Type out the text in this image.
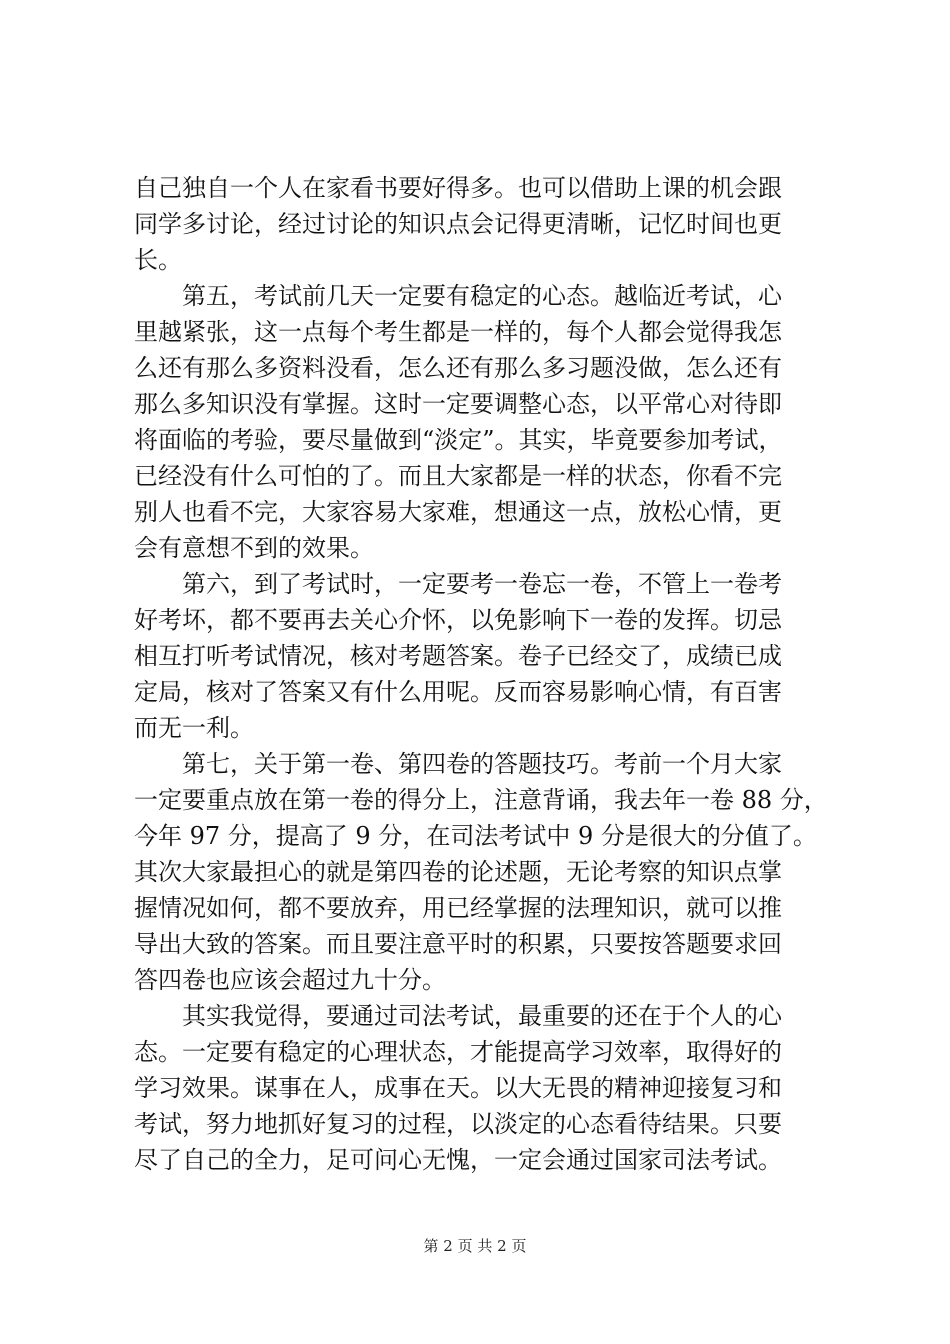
自己独自一个人在家看书要好得多。也可以借助上课的机会跟
同学多讨论，经过讨论的知识点会记得更清晰，记忆时间也更
长。
　　第五，考试前几天一定要有稳定的心态。越临近考试，心
里越紧张，这一点每个考生都是一样的，每个人都会觉得我怎
么还有那么多资料没看，怎么还有那么多习题没做，怎么还有
那么多知识没有掌握。这时一定要调整心态，以平常心对待即
将面临的考验，要尽量做到“淡定”。其实，毕竟要参加考试，
已经没有什么可怕的了。而且大家都是一样的状态，你看不完
别人也看不完，大家容易大家难，想通这一点，放松心情，更
会有意想不到的效果。
　　第六，到了考试时，一定要考一卷忘一卷，不管上一卷考
好考坏，都不要再去关心介怀，以免影响下一卷的发挥。切忌
相互打听考试情况，核对考题答案。卷子已经交了，成绩已成
定局，核对了答案又有什么用呢。反而容易影响心情，有百害
而无一利。
　　第七，关于第一卷、第四卷的答题技巧。考前一个月大家
一定要重点放在第一卷的得分上，注意背诵，我去年一卷 88 分，
今年 97 分，提高了 9 分，在司法考试中 9 分是很大的分值了。
其次大家最担心的就是第四卷的论述题，无论考察的知识点掌
握情况如何，都不要放弃，用已经掌握的法理知识，就可以推
导出大致的答案。而且要注意平时的积累，只要按答题要求回
答四卷也应该会超过九十分。
　　其实我觉得，要通过司法考试，最重要的还在于个人的心
态。一定要有稳定的心理状态，才能提高学习效率，取得好的
学习效果。谋事在人，成事在天。以大无畏的精神迎接复习和
考试，努力地抓好复习的过程，以淡定的心态看待结果。只要
尽了自己的全力，足可问心无愧，一定会通过国家司法考试。
第 2 页 共 2 页
